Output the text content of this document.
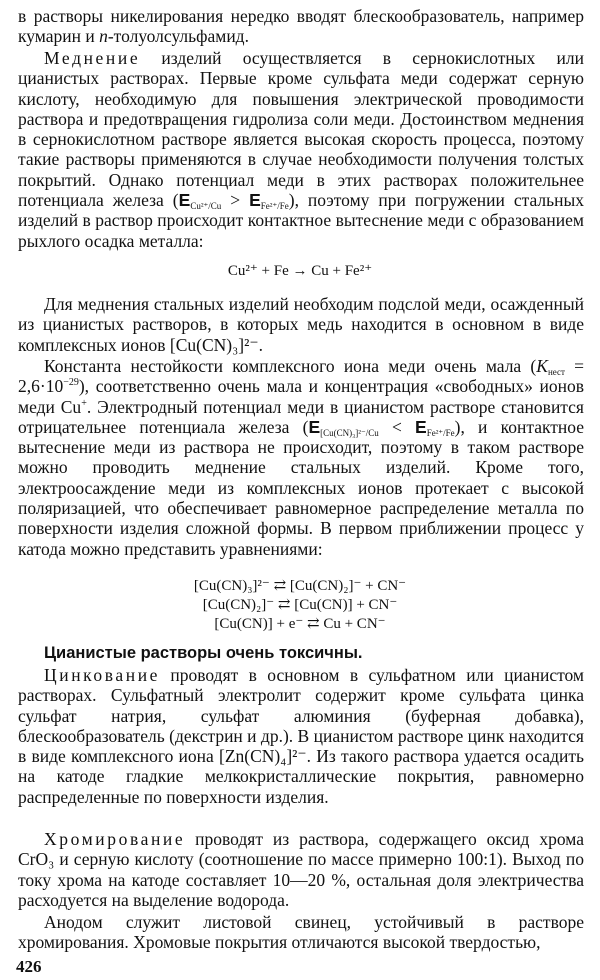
в растворы никелирования нередко вводят блескообразователь, например кумарин и n-толуолсульфамид.

Меднение изделий осуществляется в сернокислотных или цианистых растворах. Первые кроме сульфата меди содержат серную кислоту, необходимую для повышения электрической проводимости раствора и предотвращения гидролиза соли меди. Достоинством меднения в сернокислотном растворе является высокая скорость процесса, поэтому такие растворы применяются в случае необходимости получения толстых покрытий. Однако потенциал меди в этих растворах положительнее потенциала железа $(E_{Cu^{2+}/Cu} > E_{Fe^{2+}/Fe})$, поэтому при погружении стальных изделий в раствор происходит контактное вытеснение меди с образованием рыхлого осадка металла:

Cu²⁺ + Fe → Cu + Fe²⁺

Для меднения стальных изделий необходим подслой меди, осажденный из цианистых растворов, в которых медь находится в основном в виде комплексных ионов [Cu(CN)₃]²⁻.

Константа нестойкости комплексного иона меди очень мала $(K_{нест} = 2,6\cdot 10^{-29})$, соответственно очень мала и концентрация «свободных» ионов меди Cu+. Электродный потенциал меди в цианистом растворе становится отрицательнее потенциала железа $(E_{[Cu(CN)_3]^{2-}/Cu} < E_{Fe^{2+}/Fe})$, и контактное вытеснение меди из раствора не происходит, поэтому в таком растворе можно проводить меднение стальных изделий. Кроме того, электроосаждение меди из комплексных ионов протекает с высокой поляризацией, что обеспечивает равномерное распределение металла по поверхности изделия сложной формы. В первом приближении процесс у катода можно представить уравнениями:

[Cu(CN)₃]²⁻ ⇄ [Cu(CN)₂]⁻ + CN⁻

[Cu(CN)₂]⁻ ⇄ [Cu(CN)] + CN⁻

[Cu(CN)] + e⁻ ⇄ Cu + CN⁻

Цианистые растворы очень токсичны.

Цинкование проводят в основном в сульфатном или цианистом растворах. Сульфатный электролит содержит кроме сульфата цинка сульфат натрия, сульфат алюминия (буферная добавка), блескообразователь (декстрин и др.). В цианистом растворе цинк находится в виде комплексного иона [Zn(CN)₄]²⁻. Из такого раствора удается осадить на катоде гладкие мелкокристаллические покрытия, равномерно распределенные по поверхности изделия.

Хромирование проводят из раствора, содержащего оксид хрома CrO₃ и серную кислоту (соотношение по массе примерно 100:1). Выход по току хрома на катоде составляет 10—20 %, остальная доля электричества расходуется на выделение водорода.

Анодом служит листовой свинец, устойчивый в растворе хромирования. Хромовые покрытия отличаются высокой твердостью,

426
